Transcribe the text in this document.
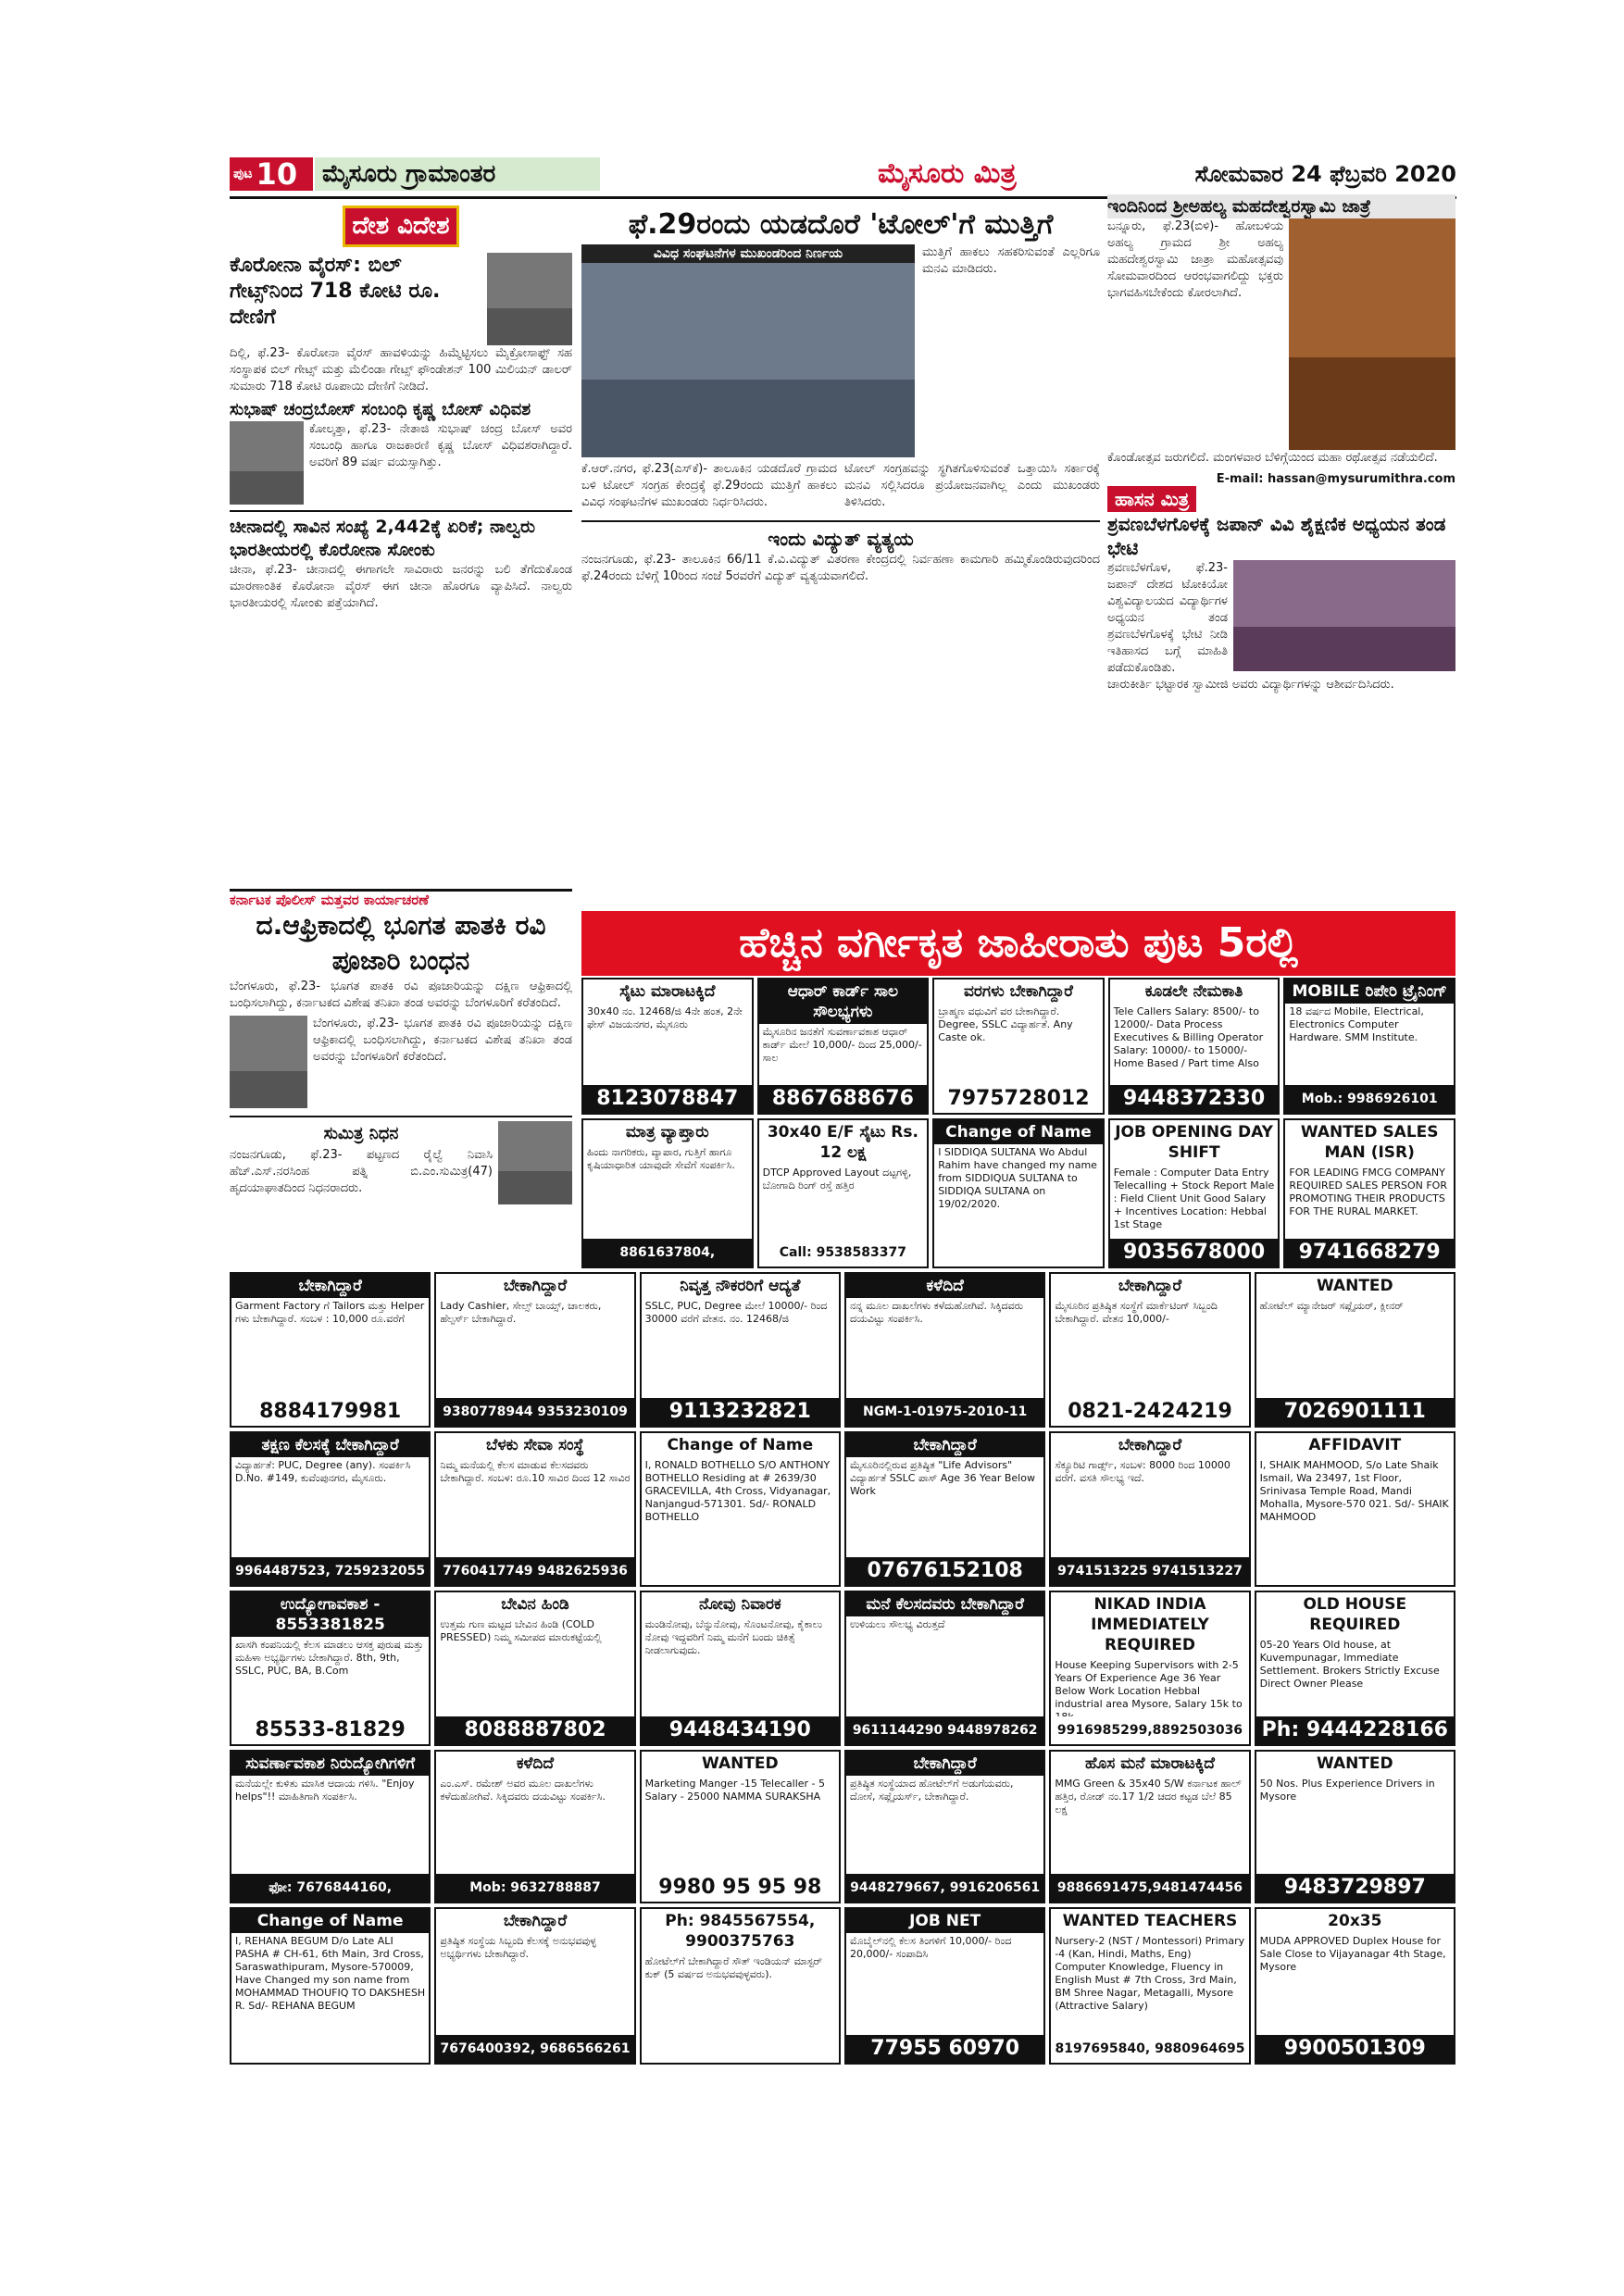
ಪುಟ 10	ಮೈಸೂರು ಗ್ರಾಮಾಂತರ	ಮೈಸೂರು ಮಿತ್ರ	ಸೋಮವಾರ 24 ಫೆಬ್ರವರಿ 2020
ದೇಶ ವಿದೇಶ
ಕೊರೋನಾ ವೈರಸ್: ಬಿಲ್ ಗೇಟ್ಸ್‌ನಿಂದ 718 ಕೋಟಿ ರೂ. ದೇಣಿಗೆ
ದಿಲ್ಲಿ, ಫೆ.23- ಕೊರೋನಾ ವೈರಸ್ ಹಾವಳಿಯನ್ನು ಹಿಮ್ಮೆಟ್ಟಿಸಲು ಮೈಕ್ರೋಸಾಫ್ಟ್ ಸಹ ಸಂಸ್ಥಾಪಕ ಬಿಲ್ ಗೇಟ್ಸ್ ಮತ್ತು ಮೆಲಿಂಡಾ ಗೇಟ್ಸ್ ಫೌಂಡೇಶನ್ 100 ಮಿಲಿಯನ್ ಡಾಲರ್ ಸುಮಾರು 718 ಕೋಟಿ ರೂಪಾಯಿ ದೇಣಿಗೆ ನೀಡಿದೆ.
ಸುಭಾಷ್ ಚಂದ್ರಬೋಸ್ ಸಂಬಂಧಿ ಕೃಷ್ಣ ಬೋಸ್ ವಿಧಿವಶ
ಕೋಲ್ಕತ್ತಾ, ಫೆ.23- ನೇತಾಜಿ ಸುಭಾಷ್ ಚಂದ್ರ ಬೋಸ್ ಅವರ ಸಂಬಂಧಿ ಹಾಗೂ ರಾಜಕಾರಣಿ ಕೃಷ್ಣ ಬೋಸ್ ವಿಧಿವಶರಾಗಿದ್ದಾರೆ. ಅವರಿಗೆ 89 ವರ್ಷ ವಯಸ್ಸಾಗಿತ್ತು.
ಚೀನಾದಲ್ಲಿ ಸಾವಿನ ಸಂಖ್ಯೆ 2,442ಕ್ಕೆ ಏರಿಕೆ; ನಾಲ್ವರು ಭಾರತೀಯರಲ್ಲಿ ಕೊರೋನಾ ಸೋಂಕು
ಚೀನಾ, ಫೆ.23- ಚೀನಾದಲ್ಲಿ ಈಗಾಗಲೇ ಸಾವಿರಾರು ಜನರನ್ನು ಬಲಿ ತೆಗೆದುಕೊಂಡ ಮಾರಣಾಂತಿಕ ಕೊರೋನಾ ವೈರಸ್ ಈಗ ಚೀನಾ ಹೊರಗೂ ವ್ಯಾಪಿಸಿದೆ. ನಾಲ್ವರು ಭಾರತೀಯರಲ್ಲಿ ಸೋಂಕು ಪತ್ತೆಯಾಗಿದೆ.
ಕರ್ನಾಟಕ ಪೊಲೀಸ್ ಮತ್ತವರ ಕಾರ್ಯಾಚರಣೆ
ದ.ಆಫ್ರಿಕಾದಲ್ಲಿ ಭೂಗತ ಪಾತಕಿ ರವಿ ಪೂಜಾರಿ ಬಂಧನ
ಬೆಂಗಳೂರು, ಫೆ.23- ಭೂಗತ ಪಾತಕಿ ರವಿ ಪೂಜಾರಿಯನ್ನು ದಕ್ಷಿಣ ಆಫ್ರಿಕಾದಲ್ಲಿ ಬಂಧಿಸಲಾಗಿದ್ದು, ಕರ್ನಾಟಕದ ವಿಶೇಷ ತನಿಖಾ ತಂಡ ಅವರನ್ನು ಬೆಂಗಳೂರಿಗೆ ಕರೆತಂದಿದೆ.
ಬೆಂಗಳೂರು, ಫೆ.23- ಭೂಗತ ಪಾತಕಿ ರವಿ ಪೂಜಾರಿಯನ್ನು ದಕ್ಷಿಣ ಆಫ್ರಿಕಾದಲ್ಲಿ ಬಂಧಿಸಲಾಗಿದ್ದು, ಕರ್ನಾಟಕದ ವಿಶೇಷ ತನಿಖಾ ತಂಡ ಅವರನ್ನು ಬೆಂಗಳೂರಿಗೆ ಕರೆತಂದಿದೆ.
ಸುಮಿತ್ರ ನಿಧನ
ನಂಜನಗೂಡು, ಫೆ.23- ಪಟ್ಟಣದ ರೈಲ್ವೆ ನಿವಾಸಿ ಹೆಚ್.ಎಸ್.ನರಸಿಂಹ ಪತ್ನಿ ಬಿ.ಎಂ.ಸುಮಿತ್ರ(47) ಹೃದಯಾಘಾತದಿಂದ ನಿಧನರಾದರು.
ಫೆ.29ರಂದು ಯಡದೊರೆ 'ಟೋಲ್'ಗೆ ಮುತ್ತಿಗೆ
ವಿವಿಧ ಸಂಘಟನೆಗಳ ಮುಖಂಡರಿಂದ ನಿರ್ಣಯ	ಮುತ್ತಿಗೆ ಹಾಕಲು ಸಹಕರಿಸುವಂತೆ ಎಲ್ಲರಿಗೂ ಮನವಿ ಮಾಡಿದರು.
ಕೆ.ಆರ್.ನಗರ, ಫೆ.23(ಎಸ್‌ಕೆ)- ತಾಲೂಕಿನ ಯಡದೊರೆ ಗ್ರಾಮದ ಬಳಿ ಟೋಲ್ ಸಂಗ್ರಹ ಕೇಂದ್ರಕ್ಕೆ ಫೆ.29ರಂದು ಮುತ್ತಿಗೆ ಹಾಕಲು ವಿವಿಧ ಸಂಘಟನೆಗಳ ಮುಖಂಡರು ನಿರ್ಧರಿಸಿದರು.
ಟೋಲ್ ಸಂಗ್ರಹವನ್ನು ಸ್ಥಗಿತಗೊಳಿಸುವಂತೆ ಒತ್ತಾಯಿಸಿ ಸರ್ಕಾರಕ್ಕೆ ಮನವಿ ಸಲ್ಲಿಸಿದರೂ ಪ್ರಯೋಜನವಾಗಿಲ್ಲ ಎಂದು ಮುಖಂಡರು ತಿಳಿಸಿದರು.
ಇಂದು ವಿದ್ಯುತ್ ವ್ಯತ್ಯಯ
ನಂಜನಗೂಡು, ಫೆ.23- ತಾಲೂಕಿನ 66/11 ಕೆ.ವಿ.ವಿದ್ಯುತ್ ವಿತರಣಾ ಕೇಂದ್ರದಲ್ಲಿ ನಿರ್ವಹಣಾ ಕಾಮಗಾರಿ ಹಮ್ಮಿಕೊಂಡಿರುವುದರಿಂದ ಫೆ.24ರಂದು ಬೆಳಿಗ್ಗೆ 10ರಿಂದ ಸಂಜೆ 5ರವರೆಗೆ ವಿದ್ಯುತ್ ವ್ಯತ್ಯಯವಾಗಲಿದೆ.
ಇಂದಿನಿಂದ ಶ್ರೀಅಹಲ್ಯ ಮಹದೇಶ್ವರಸ್ವಾಮಿ ಜಾತ್ರೆ
ಬನ್ನೂರು, ಫೆ.23(ಬಿಳಿ)- ಹೋಬಳಿಯ ಅಹಲ್ಯ ಗ್ರಾಮದ ಶ್ರೀ ಅಹಲ್ಯ ಮಹದೇಶ್ವರಸ್ವಾಮಿ ಜಾತ್ರಾ ಮಹೋತ್ಸವವು ಸೋಮವಾರದಿಂದ ಆರಂಭವಾಗಲಿದ್ದು ಭಕ್ತರು ಭಾಗವಹಿಸಬೇಕೆಂದು ಕೋರಲಾಗಿದೆ.
ಕೊಂಡೋತ್ಸವ ಜರುಗಲಿದೆ. ಮಂಗಳವಾರ ಬೆಳಿಗ್ಗೆಯಿಂದ ಮಹಾ ರಥೋತ್ಸವ ನಡೆಯಲಿದೆ.
E-mail: hassan@mysurumithra.com
ಹಾಸನ ಮಿತ್ರ
ಶ್ರವಣಬೆಳಗೊಳಕ್ಕೆ ಜಪಾನ್ ವಿವಿ ಶೈಕ್ಷಣಿಕ ಅಧ್ಯಯನ ತಂಡ ಭೇಟಿ
ಶ್ರವಣಬೆಳಗೊಳ, ಫೆ.23- ಜಪಾನ್ ದೇಶದ ಟೋಕಿಯೋ ವಿಶ್ವವಿದ್ಯಾಲಯದ ವಿದ್ಯಾರ್ಥಿಗಳ ಅಧ್ಯಯನ ತಂಡ ಶ್ರವಣಬೆಳಗೊಳಕ್ಕೆ ಭೇಟಿ ನೀಡಿ ಇತಿಹಾಸದ ಬಗ್ಗೆ ಮಾಹಿತಿ ಪಡೆದುಕೊಂಡಿತು.
ಚಾರುಕೀರ್ತಿ ಭಟ್ಟಾರಕ ಸ್ವಾಮೀಜಿ ಅವರು ವಿದ್ಯಾರ್ಥಿಗಳನ್ನು ಆಶೀರ್ವದಿಸಿದರು.
ಹೆಚ್ಚಿನ ವರ್ಗೀಕೃತ ಜಾಹೀರಾತು ಪುಟ 5ರಲ್ಲಿ
ಸೈಟು ಮಾರಾಟಕ್ಕಿದೆ
30x40 ನಂ. 12468/ಜಿ 4ನೇ ಹಂತ, 2ನೇ ಫೇಸ್ ವಿಜಯನಗರ, ಮೈಸೂರು
8123078847
ಆಧಾರ್ ಕಾರ್ಡ್ ಸಾಲ ಸೌಲಭ್ಯಗಳು
ಮೈಸೂರಿನ ಜನತೆಗೆ ಸುವರ್ಣಾವಕಾಶ ಆಧಾರ್ ಕಾರ್ಡ್ ಮೇಲೆ 10,000/- ದಿಂದ 25,000/- ಸಾಲ
8867688676
ವರಗಳು ಬೇಕಾಗಿದ್ದಾರೆ
ಬ್ರಾಹ್ಮಣ ವಧುವಿಗೆ ವರ ಬೇಕಾಗಿದ್ದಾರೆ. Degree, SSLC ವಿದ್ಯಾರ್ಹತೆ. Any Caste ok.
7975728012
ಕೂಡಲೇ ನೇಮಕಾತಿ
Tele Callers Salary: 8500/- to 12000/- Data Process Executives & Billing Operator Salary: 10000/- to 15000/- Home Based / Part time Also
9448372330
MOBILE ರಿಪೇರಿ ಟ್ರೈನಿಂಗ್
18 ವರ್ಷದ Mobile, Electrical, Electronics Computer Hardware. SMM Institute.
Mob.: 9986926101
ಮಾತ್ರ ವ್ಯಾಪ್ತಾರು
ಹಿಂದು ನಾಗರಿಕರು, ವ್ಯಾಪಾರ, ಗುತ್ತಿಗೆ ಹಾಗೂ ಕೃಷಿಯಾಧಾರಿತ ಯಾವುದೇ ಸೇವೆಗೆ ಸಂಪರ್ಕಿಸಿ.
8861637804,
30x40 E/F ಸೈಟು Rs. 12 ಲಕ್ಷ
DTCP Approved Layout ದಟ್ಟಗಳ್ಳಿ, ಬೋಗಾದಿ ರಿಂಗ್ ರಸ್ತೆ ಹತ್ತಿರ
Call: 9538583377
Change of Name
I SIDDIQA SULTANA Wo Abdul Rahim have changed my name from SIDDIQUA SULTANA to SIDDIQA SULTANA on 19/02/2020.
JOB OPENING DAY SHIFT
Female : Computer Data Entry Telecalling + Stock Report Male : Field Client Unit Good Salary + Incentives Location: Hebbal 1st Stage
9035678000
WANTED SALES MAN (ISR)
FOR LEADING FMCG COMPANY REQUIRED SALES PERSON FOR PROMOTING THEIR PRODUCTS FOR THE RURAL MARKET.
9741668279
ಬೇಕಾಗಿದ್ದಾರೆ
Garment Factory ಗೆ Tailors ಮತ್ತು Helper ಗಳು ಬೇಕಾಗಿದ್ದಾರೆ. ಸಂಬಳ : 10,000 ರೂ.ವರೆಗೆ
8884179981
ಬೇಕಾಗಿದ್ದಾರೆ
Lady Cashier, ಸೇಲ್ಸ್ ಬಾಯ್ಸ್, ಚಾಲಕರು, ಹೆಲ್ಪರ್ಸ್ ಬೇಕಾಗಿದ್ದಾರೆ.
9380778944 9353230109
ನಿವೃತ್ತ ನೌಕರರಿಗೆ ಆದ್ಯತೆ
SSLC, PUC, Degree ಮೇಲೆ 10000/- ರಿಂದ 30000 ವರೆಗೆ ವೇತನ. ನಂ. 12468/ಜಿ
9113232821
ಕಳೆದಿದೆ
ನನ್ನ ಮೂಲ ದಾಖಲೆಗಳು ಕಳೆದುಹೋಗಿವೆ. ಸಿಕ್ಕಿದವರು ದಯವಿಟ್ಟು ಸಂಪರ್ಕಿಸಿ.
NGM-1-01975-2010-11
ಬೇಕಾಗಿದ್ದಾರೆ
ಮೈಸೂರಿನ ಪ್ರತಿಷ್ಠಿತ ಸಂಸ್ಥೆಗೆ ಮಾರ್ಕೆಟಿಂಗ್ ಸಿಬ್ಬಂದಿ ಬೇಕಾಗಿದ್ದಾರೆ. ವೇತನ 10,000/-
0821-2424219
WANTED
ಹೋಟೆಲ್ ಮ್ಯಾನೇಜರ್ ಸಪ್ಲೈಯರ್, ಕ್ಲೀನರ್
7026901111
ತಕ್ಷಣ ಕೆಲಸಕ್ಕೆ ಬೇಕಾಗಿದ್ದಾರೆ
ವಿದ್ಯಾರ್ಹತೆ: PUC, Degree (any). ಸಂಪರ್ಕಿಸಿ D.No. #149, ಕುವೆಂಪುನಗರ, ಮೈಸೂರು.
9964487523, 7259232055
ಬೆಳಕು ಸೇವಾ ಸಂಸ್ಥೆ
ನಿಮ್ಮ ಮನೆಯಲ್ಲಿ ಕೆಲಸ ಮಾಡುವ ಕೆಲಸದವರು ಬೇಕಾಗಿದ್ದಾರೆ. ಸಂಬಳ: ರೂ.10 ಸಾವಿರ ದಿಂದ 12 ಸಾವಿರ
7760417749 9482625936
Change of Name
I, RONALD BOTHELLO S/O ANTHONY BOTHELLO Residing at # 2639/30 GRACEVILLA, 4th Cross, Vidyanagar, Nanjangud-571301. Sd/- RONALD BOTHELLO
ಬೇಕಾಗಿದ್ದಾರೆ
ಮೈಸೂರಿನಲ್ಲಿರುವ ಪ್ರತಿಷ್ಠಿತ "Life Advisors" ವಿದ್ಯಾರ್ಹತೆ SSLC ಪಾಸ್ Age 36 Year Below Work
07676152108
ಬೇಕಾಗಿದ್ದಾರೆ
ಸೆಕ್ಯೂರಿಟಿ ಗಾರ್ಡ್ಸ್, ಸಂಬಳ: 8000 ರಿಂದ 10000 ವರೆಗೆ. ವಸತಿ ಸೌಲಭ್ಯ ಇದೆ.
9741513225 9741513227
AFFIDAVIT
I, SHAIK MAHMOOD, S/o Late Shaik Ismail, Wa 23497, 1st Floor, Srinivasa Temple Road, Mandi Mohalla, Mysore-570 021. Sd/- SHAIK MAHMOOD
ಉದ್ಯೋಗಾವಕಾಶ - 8553381825
ಖಾಸಗಿ ಕಂಪನಿಯಲ್ಲಿ ಕೆಲಸ ಮಾಡಲು ಆಸಕ್ತ ಪುರುಷ ಮತ್ತು ಮಹಿಳಾ ಅಭ್ಯರ್ಥಿಗಳು ಬೇಕಾಗಿದ್ದಾರೆ. 8th, 9th, SSLC, PUC, BA, B.Com
85533-81829
ಬೇವಿನ ಹಿಂಡಿ
ಉತ್ತಮ ಗುಣ ಮಟ್ಟದ ಬೇವಿನ ಹಿಂಡಿ (COLD PRESSED) ನಿಮ್ಮ ಸಮೀಪದ ಮಾರುಕಟ್ಟೆಯಲ್ಲಿ
8088887802
ನೋವು ನಿವಾರಕ
ಮಂಡಿನೋವು, ಬೆನ್ನುನೋವು, ಸೊಂಟನೋವು, ಕೈಕಾಲು ನೋವು ಇದ್ದವರಿಗೆ ನಿಮ್ಮ ಮನೆಗೆ ಬಂದು ಚಿಕಿತ್ಸೆ ನೀಡಲಾಗುವುದು.
9448434190
ಮನೆ ಕೆಲಸದವರು ಬೇಕಾಗಿದ್ದಾರೆ
ಉಳಿಯಲು ಸೌಲಭ್ಯ ವಿರುತ್ತದೆ
9611144290 9448978262
NIKAD INDIA IMMEDIATELY REQUIRED
House Keeping Supervisors with 2-5 Years Of Experience Age 36 Year Below Work Location Hebbal industrial area Mysore, Salary 15k to
9916985299,8892503036
OLD HOUSE REQUIRED
05-20 Years Old house, at Kuvempunagar, Immediate Settlement. Brokers Strictly Excuse Direct Owner Please
Ph: 9444228166
ಸುವರ್ಣಾವಕಾಶ ನಿರುದ್ಯೋಗಿಗಳಿಗೆ
ಮನೆಯಲ್ಲೇ ಕುಳಿತು ಮಾಸಿಕ ಆದಾಯ ಗಳಿಸಿ. "Enjoy helps"!! ಮಾಹಿತಿಗಾಗಿ ಸಂಪರ್ಕಿಸಿ.
ಫೋ: 7676844160,
ಕಳೆದಿದೆ
ಎಂ.ಎಸ್. ರಮೇಶ್ ಅವರ ಮೂಲ ದಾಖಲೆಗಳು ಕಳೆದುಹೋಗಿವೆ. ಸಿಕ್ಕಿದವರು ದಯವಿಟ್ಟು ಸಂಪರ್ಕಿಸಿ.
Mob: 9632788887
WANTED
Marketing Manger -15 Telecaller - 5 Salary - 25000 NAMMA SURAKSHA
9980 95 95 98
ಬೇಕಾಗಿದ್ದಾರೆ
ಪ್ರತಿಷ್ಠಿತ ಸಂಸ್ಥೆಯಾದ ಹೋಟೆಲ್‌ಗೆ ಅಡುಗೆಯವರು, ದೋಸೆ, ಸಪ್ಲೈಯರ್ಸ್, ಬೇಕಾಗಿದ್ದಾರೆ.
9448279667, 9916206561
ಹೊಸ ಮನೆ ಮಾರಾಟಕ್ಕಿದೆ
MMG Green & 35x40 S/W ಕರ್ನಾಟಕ ಹಾಲ್ ಹತ್ತಿರ, ರೋಡ್ ನಂ.17 1/2 ಚದರ ಕಟ್ಟಡ ಬೆಲೆ 85 ಲಕ್ಷ
9886691475,9481474456
WANTED
50 Nos. Plus Experience Drivers in Mysore
9483729897
Change of Name
I, REHANA BEGUM D/o Late ALI PASHA # CH-61, 6th Main, 3rd Cross, Saraswathipuram, Mysore-570009, Have Changed my son name from MOHAMMAD THOUFIQ TO DAKSHESH R. Sd/- REHANA BEGUM
ಬೇಕಾಗಿದ್ದಾರೆ
ಪ್ರತಿಷ್ಠಿತ ಸಂಸ್ಥೆಯ ಸಿಬ್ಬಂದಿ ಕೆಲಸಕ್ಕೆ ಅನುಭವವುಳ್ಳ ಅಭ್ಯರ್ಥಿಗಳು ಬೇಕಾಗಿದ್ದಾರೆ.
7676400392, 9686566261
Ph: 9845567554, 9900375763
ಹೋಟೆಲ್‌ಗೆ ಬೇಕಾಗಿದ್ದಾರೆ ಸೌತ್ ಇಂಡಿಯನ್ ಮಾಸ್ಟರ್ ಕುಕ್ (5 ವರ್ಷದ ಅನುಭವವುಳ್ಳವರು).
JOB NET
ಮೊಬೈಲ್‌ನಲ್ಲಿ ಕೆಲಸ ತಿಂಗಳಿಗೆ 10,000/- ರಿಂದ 20,000/- ಸಂಪಾದಿಸಿ
77955 60970
WANTED TEACHERS
Nursery-2 (NST / Montessori) Primary -4 (Kan, Hindi, Maths, Eng) Computer Knowledge, Fluency in English Must # 7th Cross, 3rd Main, BM Shree Nagar, Metagalli, Mysore (Attractive Salary)
8197695840, 9880964695
20x35
MUDA APPROVED Duplex House for Sale Close to Vijayanagar 4th Stage, Mysore
9900501309
